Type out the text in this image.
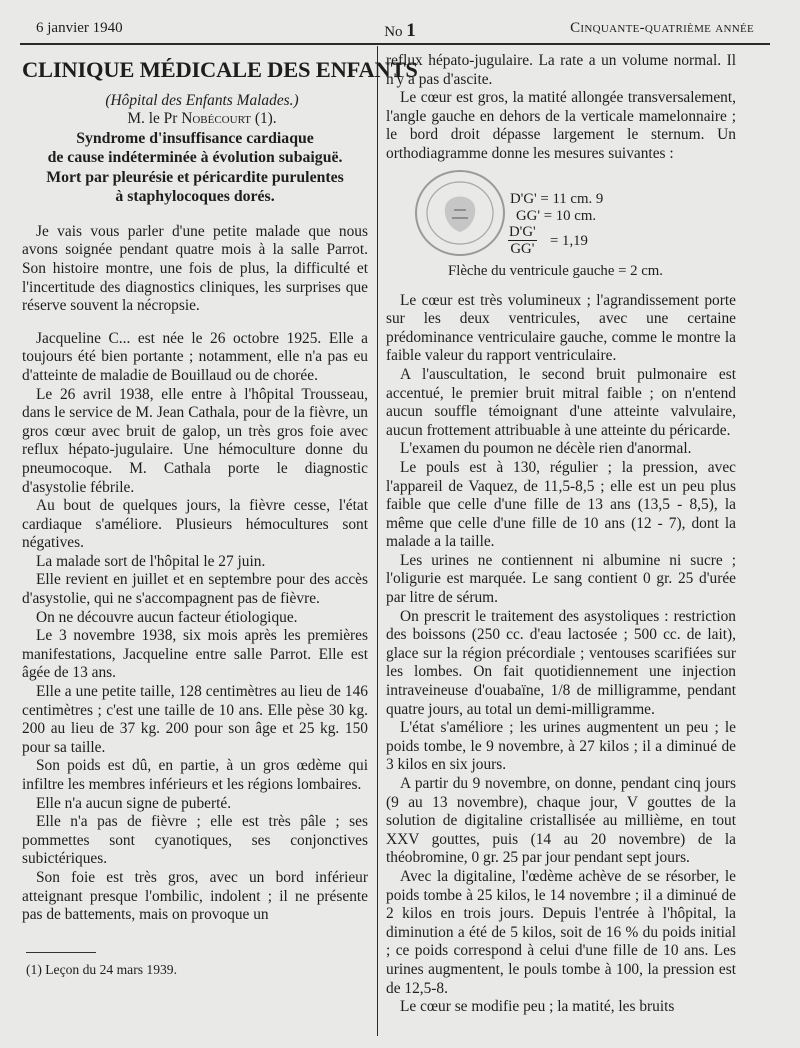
6 janvier 1940	No 1	Cinquante-quatrième année
CLINIQUE MÉDICALE DES ENFANTS

(Hôpital des Enfants Malades.)

M. le Pr Nobécourt (1).

Syndrome d'insuffisance cardiaque
de cause indéterminée à évolution subaiguë.
Mort par pleurésie et péricardite purulentes
à staphylocoques dorés.

Je vais vous parler d'une petite malade que nous avons soignée pendant quatre mois à la salle Parrot. Son histoire montre, une fois de plus, la difficulté et l'incertitude des diagnostics cliniques, les surprises que réserve souvent la nécropsie.

Jacqueline C... est née le 26 octobre 1925. Elle a toujours été bien portante ; notamment, elle n'a pas eu d'atteinte de maladie de Bouillaud ou de chorée.

Le 26 avril 1938, elle entre à l'hôpital Trousseau, dans le service de M. Jean Cathala, pour de la fièvre, un gros cœur avec bruit de galop, un très gros foie avec reflux hépato-jugulaire. Une hémoculture donne du pneumocoque. M. Cathala porte le diagnostic d'asystolie fébrile.

Au bout de quelques jours, la fièvre cesse, l'état cardiaque s'améliore. Plusieurs hémocultures sont négatives.

La malade sort de l'hôpital le 27 juin.

Elle revient en juillet et en septembre pour des accès d'asystolie, qui ne s'accompagnent pas de fièvre.

On ne découvre aucun facteur étiologique.

Le 3 novembre 1938, six mois après les premières manifestations, Jacqueline entre salle Parrot. Elle est âgée de 13 ans.

Elle a une petite taille, 128 centimètres au lieu de 146 centimètres ; c'est une taille de 10 ans. Elle pèse 30 kg. 200 au lieu de 37 kg. 200 pour son âge et 25 kg. 150 pour sa taille.

Son poids est dû, en partie, à un gros œdème qui infiltre les membres inférieurs et les régions lombaires.

Elle n'a aucun signe de puberté.

Elle n'a pas de fièvre ; elle est très pâle ; ses pommettes sont cyanotiques, ses conjonctives subictériques.

Son foie est très gros, avec un bord inférieur atteignant presque l'ombilic, indolent ; il ne présente pas de battements, mais on provoque un

(1) Leçon du 24 mars 1939.

reflux hépato-jugulaire. La rate a un volume normal. Il n'y a pas d'ascite.

Le cœur est gros, la matité allongée transversalement, l'angle gauche en dehors de la verticale mamelonnaire ; le bord droit dépasse largement le sternum. Un orthodiagramme donne les mesures suivantes :

D'G' = 11 cm. 9
GG' = 10 cm.
$\frac{D'G'}{GG'} = 1,19$
Flèche du ventricule gauche = 2 cm.

Le cœur est très volumineux ; l'agrandissement porte sur les deux ventricules, avec une certaine prédominance ventriculaire gauche, comme le montre la faible valeur du rapport ventriculaire.

A l'auscultation, le second bruit pulmonaire est accentué, le premier bruit mitral faible ; on n'entend aucun souffle témoignant d'une atteinte valvulaire, aucun frottement attribuable à une atteinte du péricarde.

L'examen du poumon ne décèle rien d'anormal.

Le pouls est à 130, régulier ; la pression, avec l'appareil de Vaquez, de 11,5-8,5 ; elle est un peu plus faible que celle d'une fille de 13 ans (13,5 - 8,5), la même que celle d'une fille de 10 ans (12 - 7), dont la malade a la taille.

Les urines ne contiennent ni albumine ni sucre ; l'oligurie est marquée. Le sang contient 0 gr. 25 d'urée par litre de sérum.

On prescrit le traitement des asystoliques : restriction des boissons (250 cc. d'eau lactosée ; 500 cc. de lait), glace sur la région précordiale ; ventouses scarifiées sur les lombes. On fait quotidiennement une injection intraveineuse d'ouabaïne, 1/8 de milligramme, pendant quatre jours, au total un demi-milligramme.

L'état s'améliore ; les urines augmentent un peu ; le poids tombe, le 9 novembre, à 27 kilos ; il a diminué de 3 kilos en six jours.

A partir du 9 novembre, on donne, pendant cinq jours (9 au 13 novembre), chaque jour, V gouttes de la solution de digitaline cristallisée au millième, en tout XXV gouttes, puis (14 au 20 novembre) de la théobromine, 0 gr. 25 par jour pendant sept jours.

Avec la digitaline, l'œdème achève de se résorber, le poids tombe à 25 kilos, le 14 novembre ; il a diminué de 2 kilos en trois jours. Depuis l'entrée à l'hôpital, la diminution a été de 5 kilos, soit de 16 % du poids initial ; ce poids correspond à celui d'une fille de 10 ans. Les urines augmentent, le pouls tombe à 100, la pression est de 12,5-8.

Le cœur se modifie peu ; la matité, les bruits
